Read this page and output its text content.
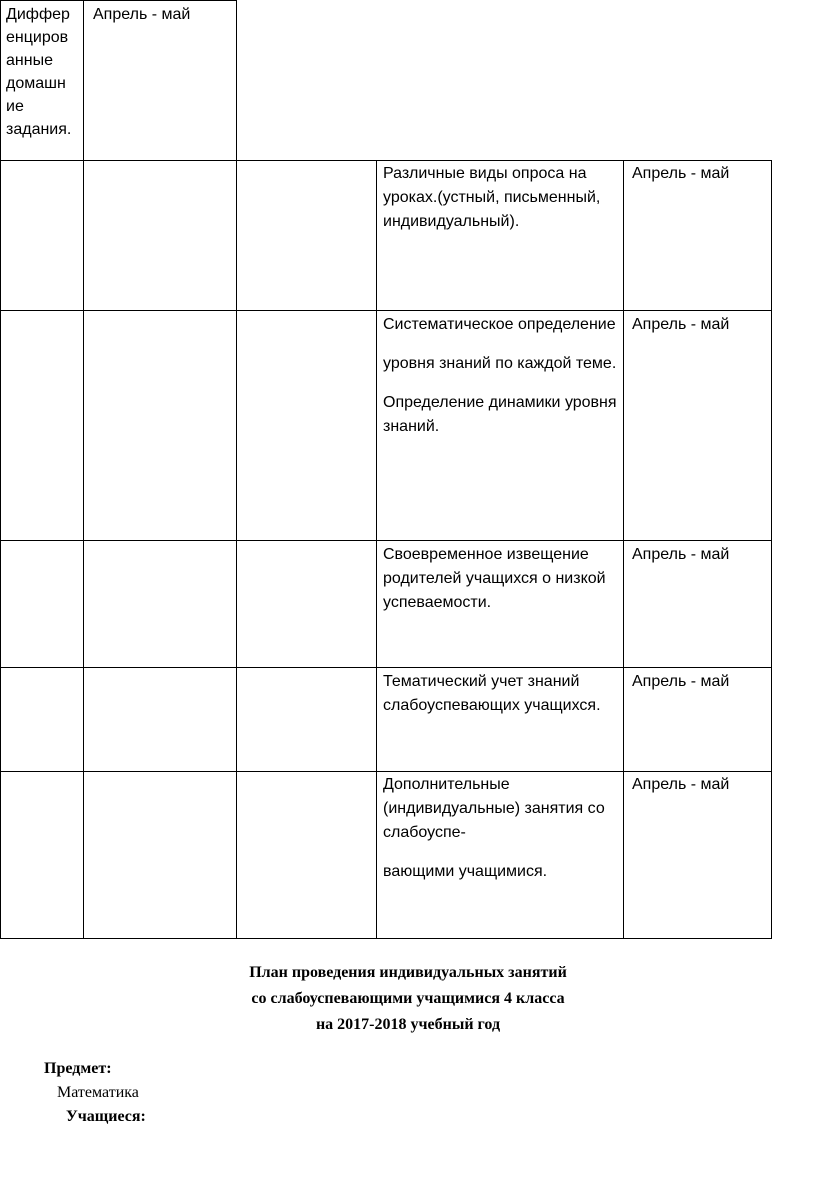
Диффер
енциров
анные
домашн
ие
задания.
Апрель - май

Различные виды опроса на уроках.(устный, письменный, индивидуальный).

Апрель - май

Систематическое определение

уровня знаний по каждой теме.

Определение динамики уровня знаний.

Апрель - май

Своевременное извещение родителей учащихся о низкой успеваемости.

Апрель - май

Тематический учет знаний слабоуспевающих учащихся.

Апрель - май

Дополнительные (индивидуальные) занятия со слабоуспе-

вающими учащимися.

Апрель - май
План проведения индивидуальных занятий
со слабоуспевающими учащимися 4 класса
на 2017-2018 учебный год
Предмет:
Математика
Учащиеся:
